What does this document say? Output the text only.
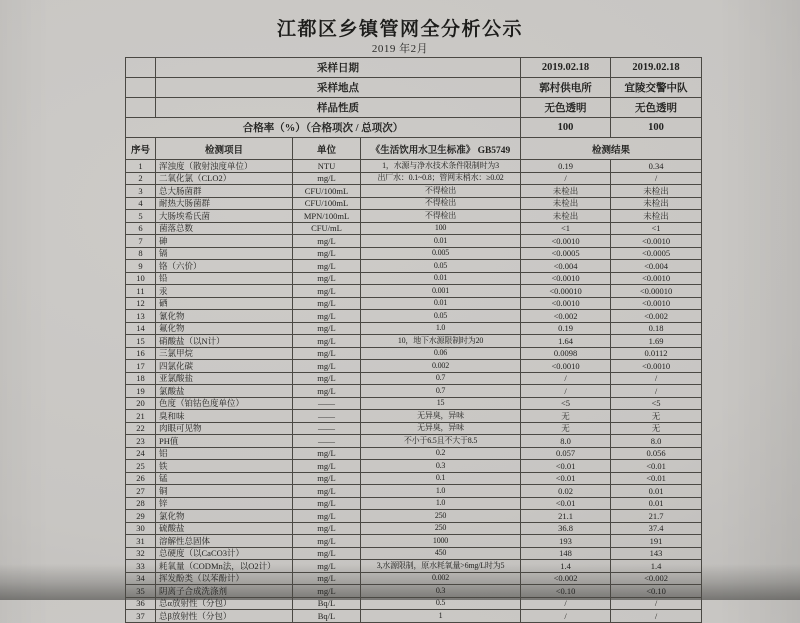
江都区乡镇管网全分析公示
2019 年2月
	采样日期			2019.02.18	2019.02.18
	采样地点			郭村供电所	宜陵交警中队
	样品性质			无色透明	无色透明
合格率（%）（合格项次 / 总项次）				100	100
序号	检测项目	单位	《生活饮用水卫生标准》 GB5749	检测结果	
1	浑浊度（散射浊度单位）	NTU	1，水源与净水技术条件限制时为3	0.19	0.34
2	二氧化氯（CLO2）	mg/L	出厂水：0.1~0.8；管网末梢水：≥0.02	/	/
3	总大肠菌群	CFU/100mL	不得检出	未检出	未检出
4	耐热大肠菌群	CFU/100mL	不得检出	未检出	未检出
5	大肠埃希氏菌	MPN/100mL	不得检出	未检出	未检出
6	菌落总数	CFU/mL	100	<1	<1
7	砷	mg/L	0.01	<0.0010	<0.0010
8	镉	mg/L	0.005	<0.0005	<0.0005
9	铬（六价）	mg/L	0.05	<0.004	<0.004
10	铅	mg/L	0.01	<0.0010	<0.0010
11	汞	mg/L	0.001	<0.00010	<0.00010
12	硒	mg/L	0.01	<0.0010	<0.0010
13	氰化物	mg/L	0.05	<0.002	<0.002
14	氟化物	mg/L	1.0	0.19	0.18
15	硝酸盐（以N计）	mg/L	10，地下水源限制时为20	1.64	1.69
16	三氯甲烷	mg/L	0.06	0.0098	0.0112
17	四氯化碳	mg/L	0.002	<0.0010	<0.0010
18	亚氯酸盐	mg/L	0.7	/	/
19	氯酸盐	mg/L	0.7	/	/
20	色度（铂钴色度单位）	——	15	<5	<5
21	臭和味	——	无异臭，异味	无	无
22	肉眼可见物	——	无异臭，异味	无	无
23	PH值	——	不小于6.5且不大于8.5	8.0	8.0
24	铝	mg/L	0.2	0.057	0.056
25	铁	mg/L	0.3	<0.01	<0.01
26	锰	mg/L	0.1	<0.01	<0.01
27	铜	mg/L	1.0	0.02	0.01
28	锌	mg/L	1.0	<0.01	0.01
29	氯化物	mg/L	250	21.1	21.7
30	硫酸盐	mg/L	250	36.8	37.4
31	溶解性总固体	mg/L	1000	193	191
32	总硬度（以CaCO3计）	mg/L	450	148	143
33	耗氧量（CODMn法，以O2计）	mg/L	3,水源限制，原水耗氧量>6mg/L时为5	1.4	1.4
34	挥发酚类（以苯酚计）	mg/L	0.002	<0.002	<0.002
35	阴离子合成洗涤剂	mg/L	0.3	<0.10	<0.10
36	总α放射性（分包）	Bq/L	0.5	/	/
37	总β放射性（分包）	Bq/L	1	/	/
